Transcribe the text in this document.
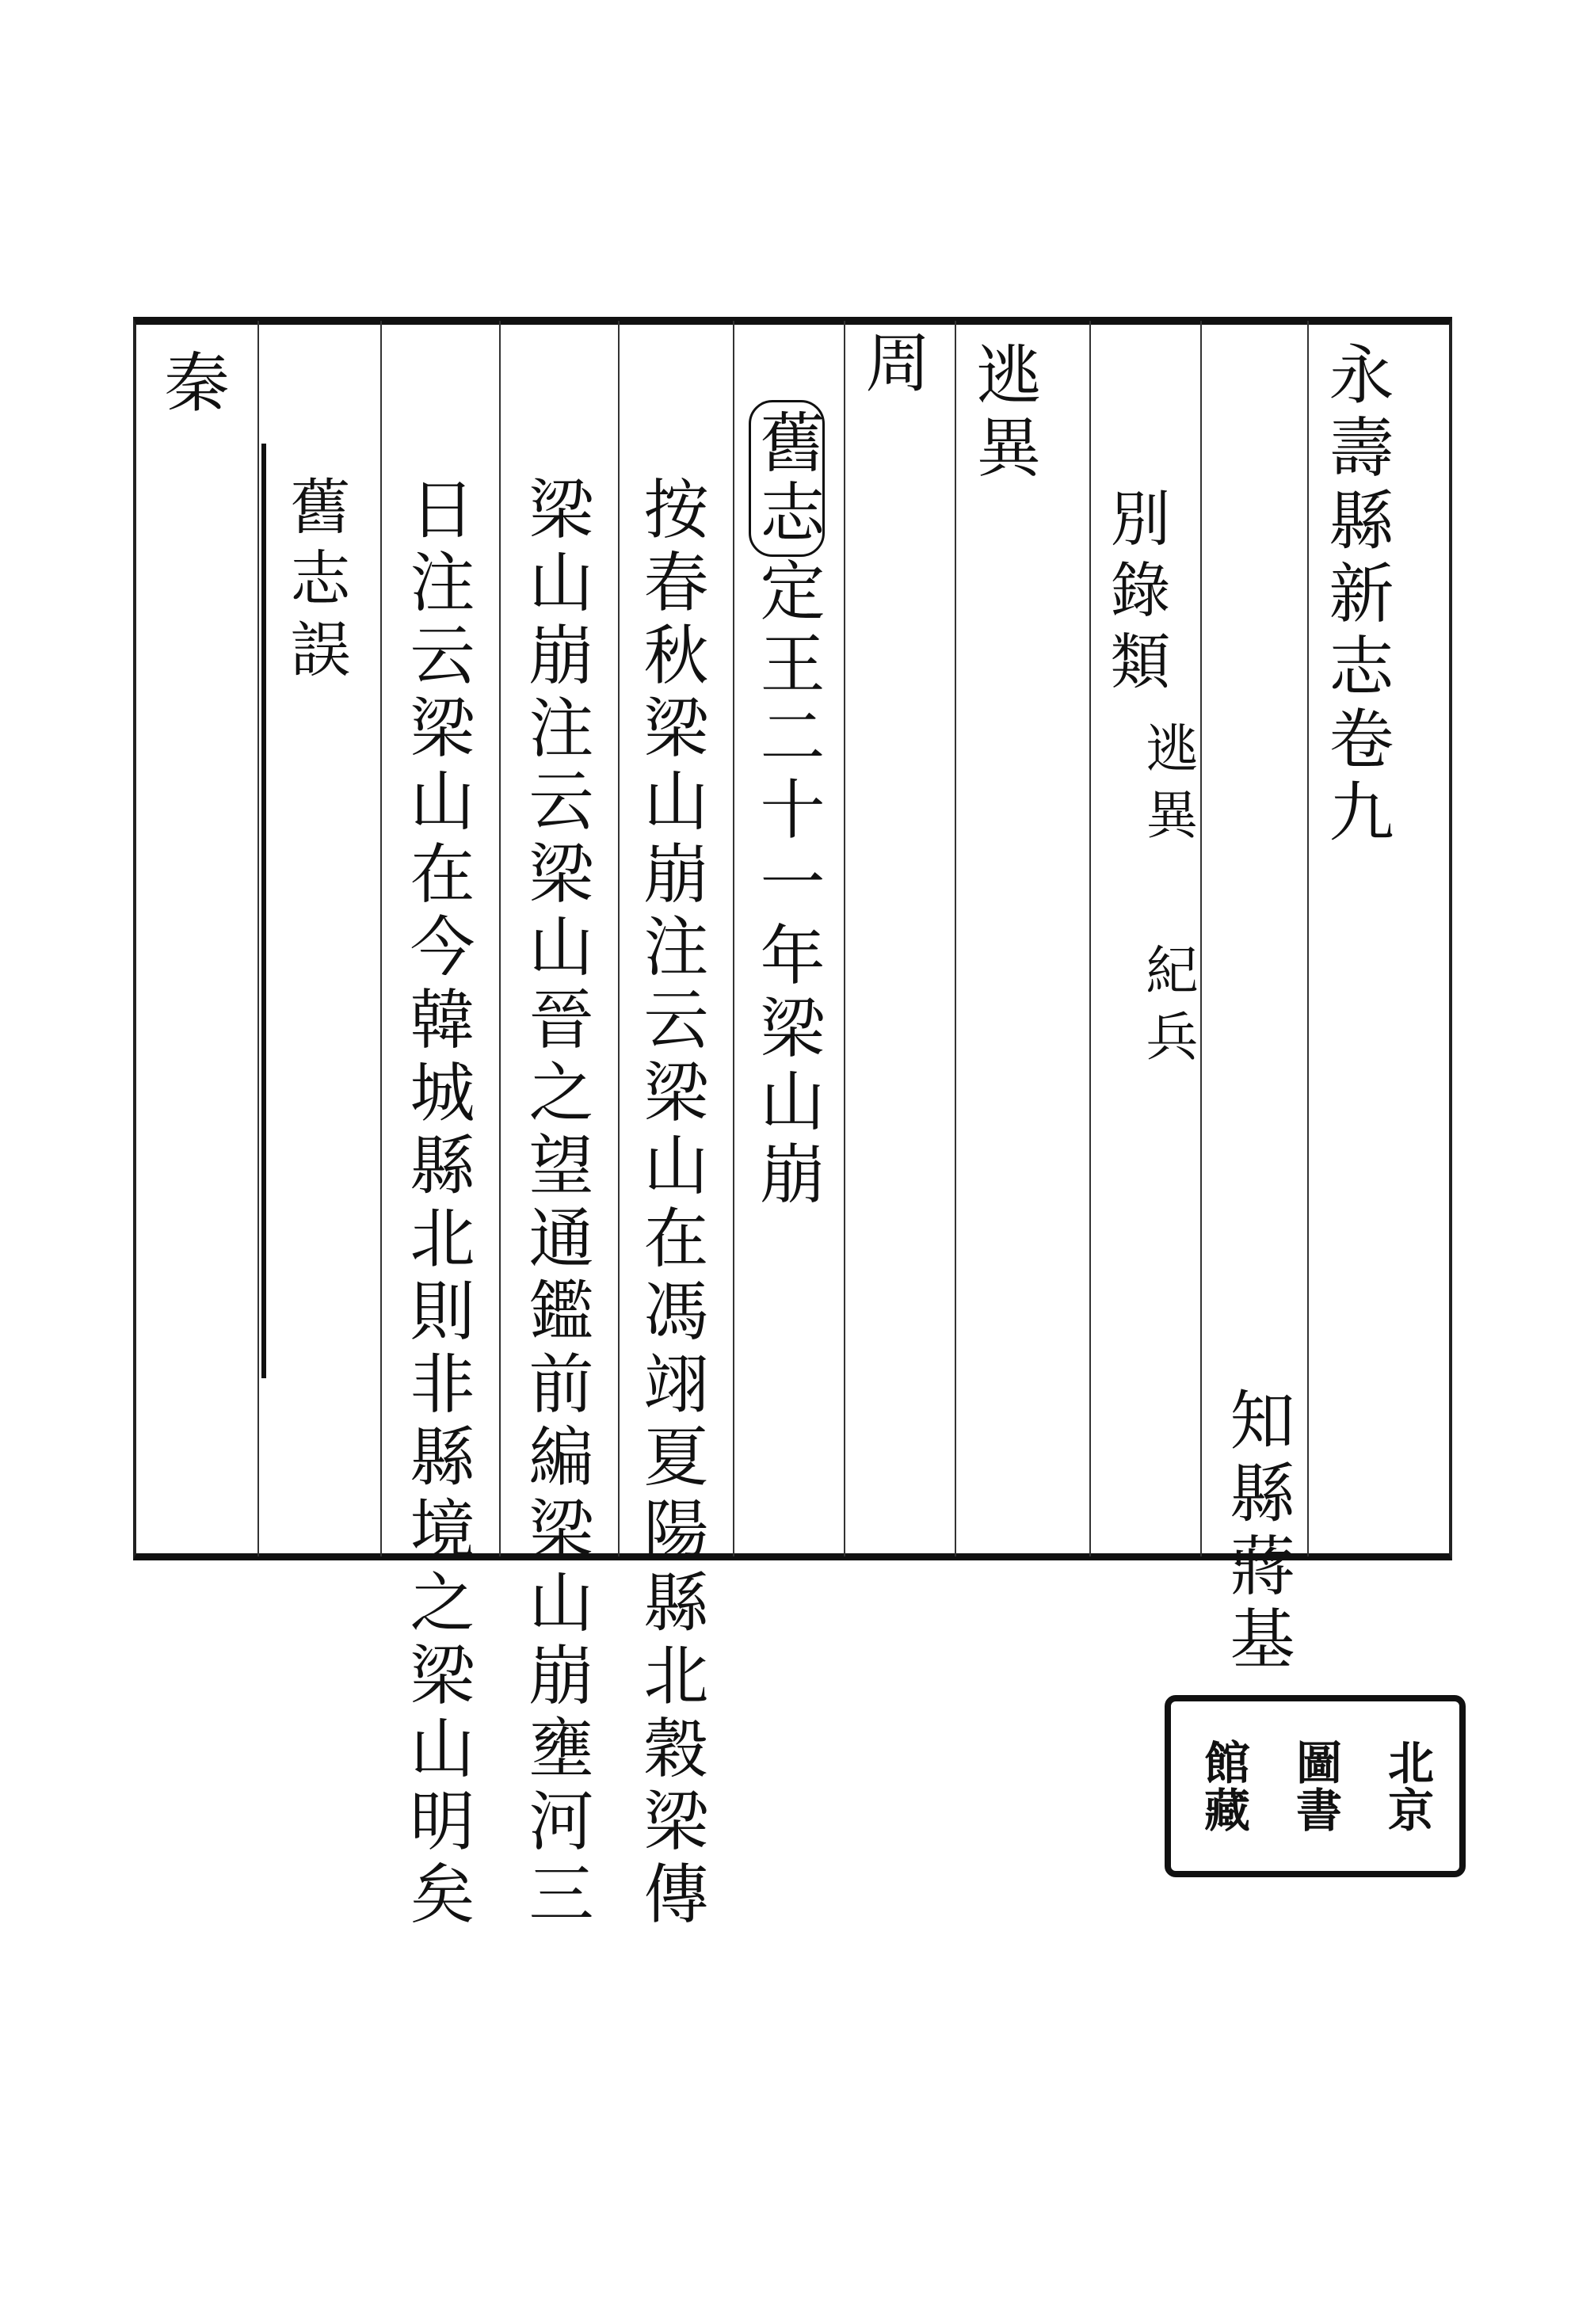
永壽縣新志卷九
別錄類
逃異
紀兵
知縣蔣基
逃異
周
舊志定王二十一年梁山崩
按春秋梁山崩注云梁山在馮翊夏陽縣北穀梁傳
梁山崩注云梁山晉之望通鑑前編梁山崩壅河三
日注云梁山在今韓城縣北則非縣境之梁山明矣
舊志誤
秦
北京
圖書
館藏
